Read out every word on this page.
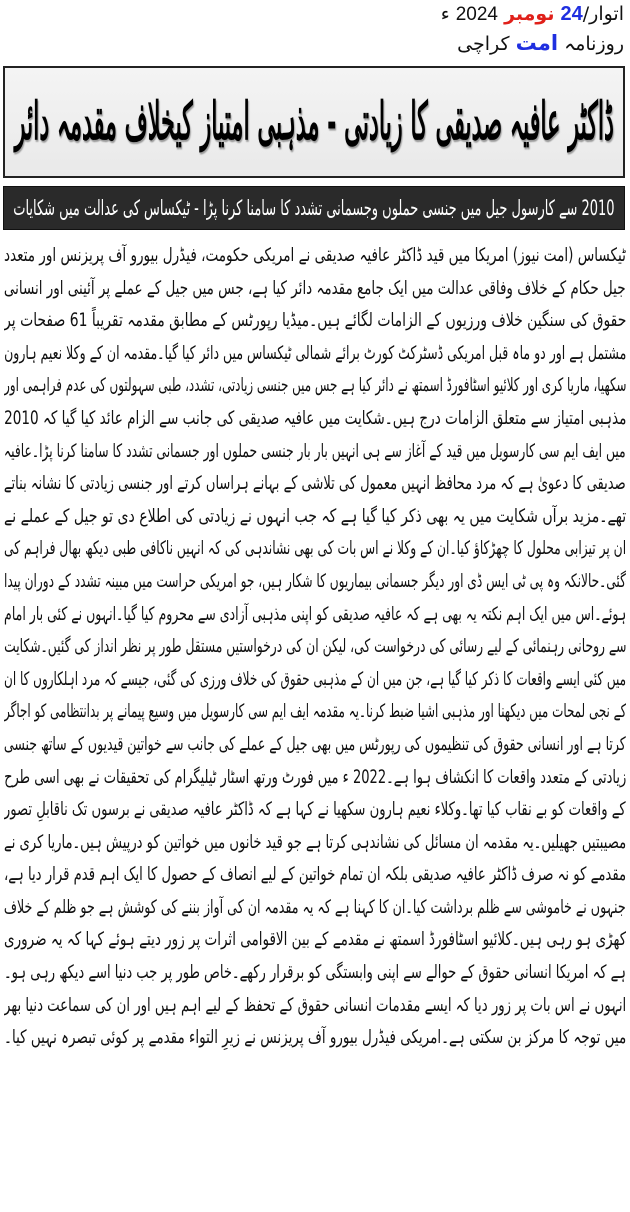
اتوار/24 نومبر 2024 ء
روزنامہ امت کراچی
ڈاکٹر عافیہ صدیقی کا زیادتی - مذہبی امتیاز کیخلاف مقدمہ دائر
2010 سے کارسول جیل میں جنسی حملوں وجسمانی تشدد کا سامنا کرنا پڑا - ٹیکساس کی عدالت میں شکایات

ٹیکساس (امت نیوز) امریکا میں قید ڈاکٹر عافیہ صدیقی نے امریکی حکومت، فیڈرل بیورو آف پریزنس اور متعدد

جیل حکام کے خلاف وفاقی عدالت میں ایک جامع مقدمہ دائر کیا ہے، جس میں جیل کے عملے پر آئینی اور انسانی

حقوق کی سنگین خلاف ورزیوں کے الزامات لگائے ہیں۔میڈیا رپورٹس کے مطابق مقدمہ تقریباً 61 صفحات پر

مشتمل ہے اور دو ماہ قبل امریکی ڈسٹرکٹ کورٹ برائے شمالی ٹیکساس میں دائر کیا گیا۔مقدمہ ان کے وکلا نعیم ہارون

سکھیا، ماریا کری اور کلائیو اسٹافورڈ اسمتھ نے دائر کیا ہے جس میں جنسی زیادتی، تشدد، طبی سہولتوں کی عدم فراہمی اور

مذہبی امتیاز سے متعلق الزامات درج ہیں۔شکایت میں عافیہ صدیقی کی جانب سے الزام عائد کیا گیا کہ 2010

میں ایف ایم سی کارسویل میں قید کے آغاز سے ہی انہیں بار بار جنسی حملوں اور جسمانی تشدد کا سامنا کرنا پڑا۔عافیہ

صدیقی کا دعویٰ ہے کہ مرد محافظ انہیں معمول کی تلاشی کے بہانے ہراساں کرتے اور جنسی زیادتی کا نشانہ بناتے

تھے۔مزید برآں شکایت میں یہ بھی ذکر کیا گیا ہے کہ جب انہوں نے زیادتی کی اطلاع دی تو جیل کے عملے نے

ان پر تیزابی محلول کا چھڑکاؤ کیا۔ان کے وکلا نے اس بات کی بھی نشاندہی کی کہ انہیں ناکافی طبی دیکھ بھال فراہم کی

گئی۔حالانکہ وہ پی ٹی ایس ڈی اور دیگر جسمانی بیماریوں کا شکار ہیں، جو امریکی حراست میں مبینہ تشدد کے دوران پیدا

ہوئے۔اس میں ایک اہم نکتہ یہ بھی ہے کہ عافیہ صدیقی کو اپنی مذہبی آزادی سے محروم کیا گیا۔انہوں نے کئی بار امام

سے روحانی رہنمائی کے لیے رسائی کی درخواست کی، لیکن ان کی درخواستیں مستقل طور پر نظر انداز کی گئیں۔شکایت

میں کئی ایسے واقعات کا ذکر کیا گیا ہے، جن میں ان کے مذہبی حقوق کی خلاف ورزی کی گئی، جیسے کہ مرد اہلکاروں کا ان

کے نجی لمحات میں دیکھنا اور مذہبی اشیا ضبط کرنا۔یہ مقدمہ ایف ایم سی کارسویل میں وسیع پیمانے پر بدانتظامی کو اجاگر

کرتا ہے اور انسانی حقوق کی تنظیموں کی رپورٹس میں بھی جیل کے عملے کی جانب سے خواتین قیدیوں کے ساتھ جنسی

زیادتی کے متعدد واقعات کا انکشاف ہوا ہے۔2022 ء میں فورٹ ورتھ اسٹار ٹیلیگرام کی تحقیقات نے بھی اسی طرح

کے واقعات کو بے نقاب کیا تھا۔وکلاء نعیم ہارون سکھیا نے کہا ہے کہ ڈاکٹر عافیہ صدیقی نے برسوں تک ناقابلِ تصور

مصیبتیں جھیلیں۔یہ مقدمہ ان مسائل کی نشاندہی کرتا ہے جو قید خانوں میں خواتین کو درپیش ہیں۔ماریا کری نے

مقدمے کو نہ صرف ڈاکٹر عافیہ صدیقی بلکہ ان تمام خواتین کے لیے انصاف کے حصول کا ایک اہم قدم قرار دیا ہے،

جنہوں نے خاموشی سے ظلم برداشت کیا۔ان کا کہنا ہے کہ یہ مقدمہ ان کی آواز بننے کی کوشش ہے جو ظلم کے خلاف

کھڑی ہو رہی ہیں۔کلائیو اسٹافورڈ اسمتھ نے مقدمے کے بین الاقوامی اثرات پر زور دیتے ہوئے کہا کہ یہ ضروری

ہے کہ امریکا انسانی حقوق کے حوالے سے اپنی وابستگی کو برقرار رکھے۔خاص طور پر جب دنیا اسے دیکھ رہی ہو۔

انہوں نے اس بات پر زور دیا کہ ایسے مقدمات انسانی حقوق کے تحفظ کے لیے اہم ہیں اور ان کی سماعت دنیا بھر

میں توجہ کا مرکز بن سکتی ہے۔امریکی فیڈرل بیورو آف پریزنس نے زیرِ التواء مقدمے پر کوئی تبصرہ نہیں کیا۔
